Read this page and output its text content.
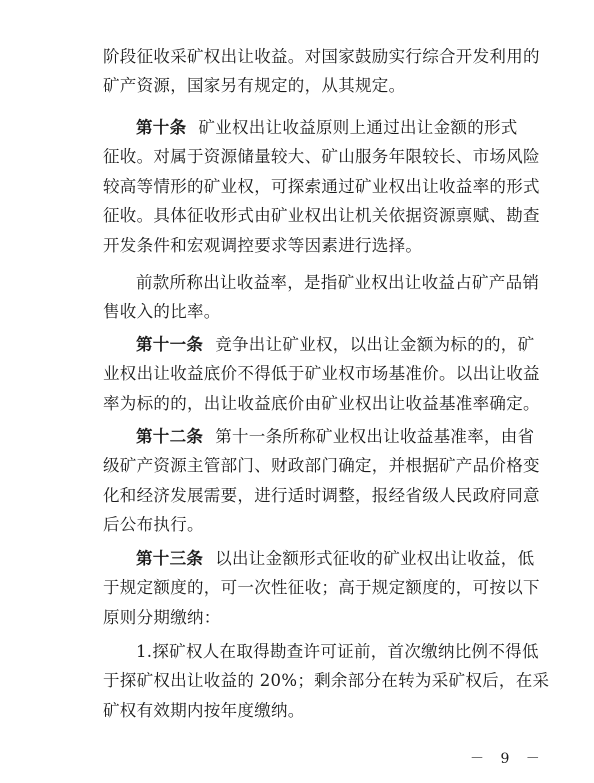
阶段征收采矿权出让收益。对国家鼓励实行综合开发利用的
矿产资源，国家另有规定的，从其规定。
第十条 矿业权出让收益原则上通过出让金额的形式
征收。对属于资源储量较大、矿山服务年限较长、市场风险
较高等情形的矿业权，可探索通过矿业权出让收益率的形式
征收。具体征收形式由矿业权出让机关依据资源禀赋、勘查
开发条件和宏观调控要求等因素进行选择。
前款所称出让收益率，是指矿业权出让收益占矿产品销
售收入的比率。
第十一条 竞争出让矿业权，以出让金额为标的的，矿
业权出让收益底价不得低于矿业权市场基准价。以出让收益
率为标的的，出让收益底价由矿业权出让收益基准率确定。
第十二条 第十一条所称矿业权出让收益基准率，由省
级矿产资源主管部门、财政部门确定，并根据矿产品价格变
化和经济发展需要，进行适时调整，报经省级人民政府同意
后公布执行。
第十三条 以出让金额形式征收的矿业权出让收益，低
于规定额度的，可一次性征收；高于规定额度的，可按以下
原则分期缴纳：
1.探矿权人在取得勘查许可证前，首次缴纳比例不得低
于探矿权出让收益的 20%；剩余部分在转为采矿权后，在采
矿权有效期内按年度缴纳。
－ 9 －
